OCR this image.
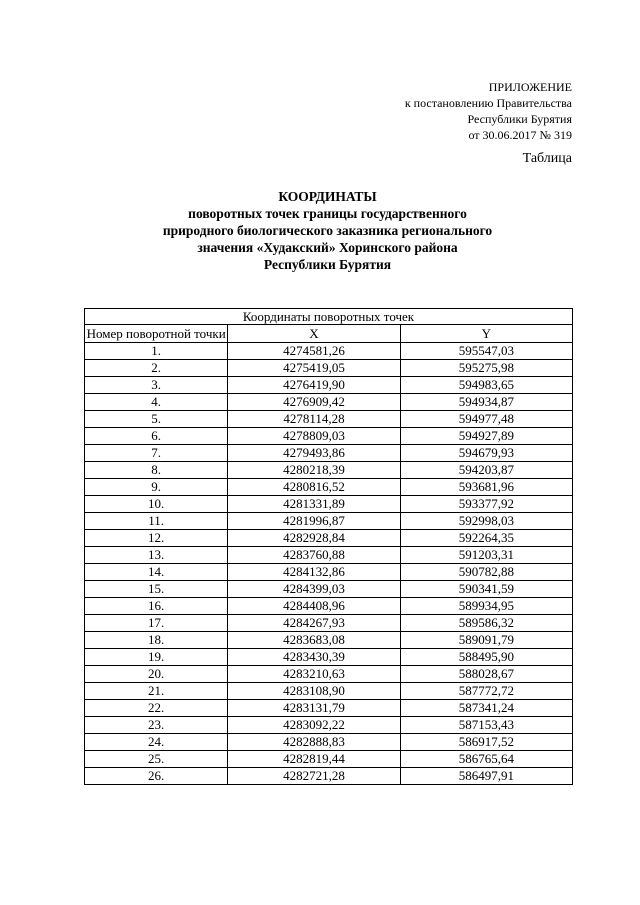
ПРИЛОЖЕНИЕ
к постановлению Правительства
Республики Бурятия
от 30.06.2017 № 319
Таблица
КООРДИНАТЫ
поворотных точек границы государственного
природного биологического заказника регионального
значения «Худакский» Хоринского района
Республики Бурятия
Координаты поворотных точек		
Номер поворотной точки	X	Y
1.	4274581,26	595547,03
2.	4275419,05	595275,98
3.	4276419,90	594983,65
4.	4276909,42	594934,87
5.	4278114,28	594977,48
6.	4278809,03	594927,89
7.	4279493,86	594679,93
8.	4280218,39	594203,87
9.	4280816,52	593681,96
10.	4281331,89	593377,92
11.	4281996,87	592998,03
12.	4282928,84	592264,35
13.	4283760,88	591203,31
14.	4284132,86	590782,88
15.	4284399,03	590341,59
16.	4284408,96	589934,95
17.	4284267,93	589586,32
18.	4283683,08	589091,79
19.	4283430,39	588495,90
20.	4283210,63	588028,67
21.	4283108,90	587772,72
22.	4283131,79	587341,24
23.	4283092,22	587153,43
24.	4282888,83	586917,52
25.	4282819,44	586765,64
26.	4282721,28	586497,91
